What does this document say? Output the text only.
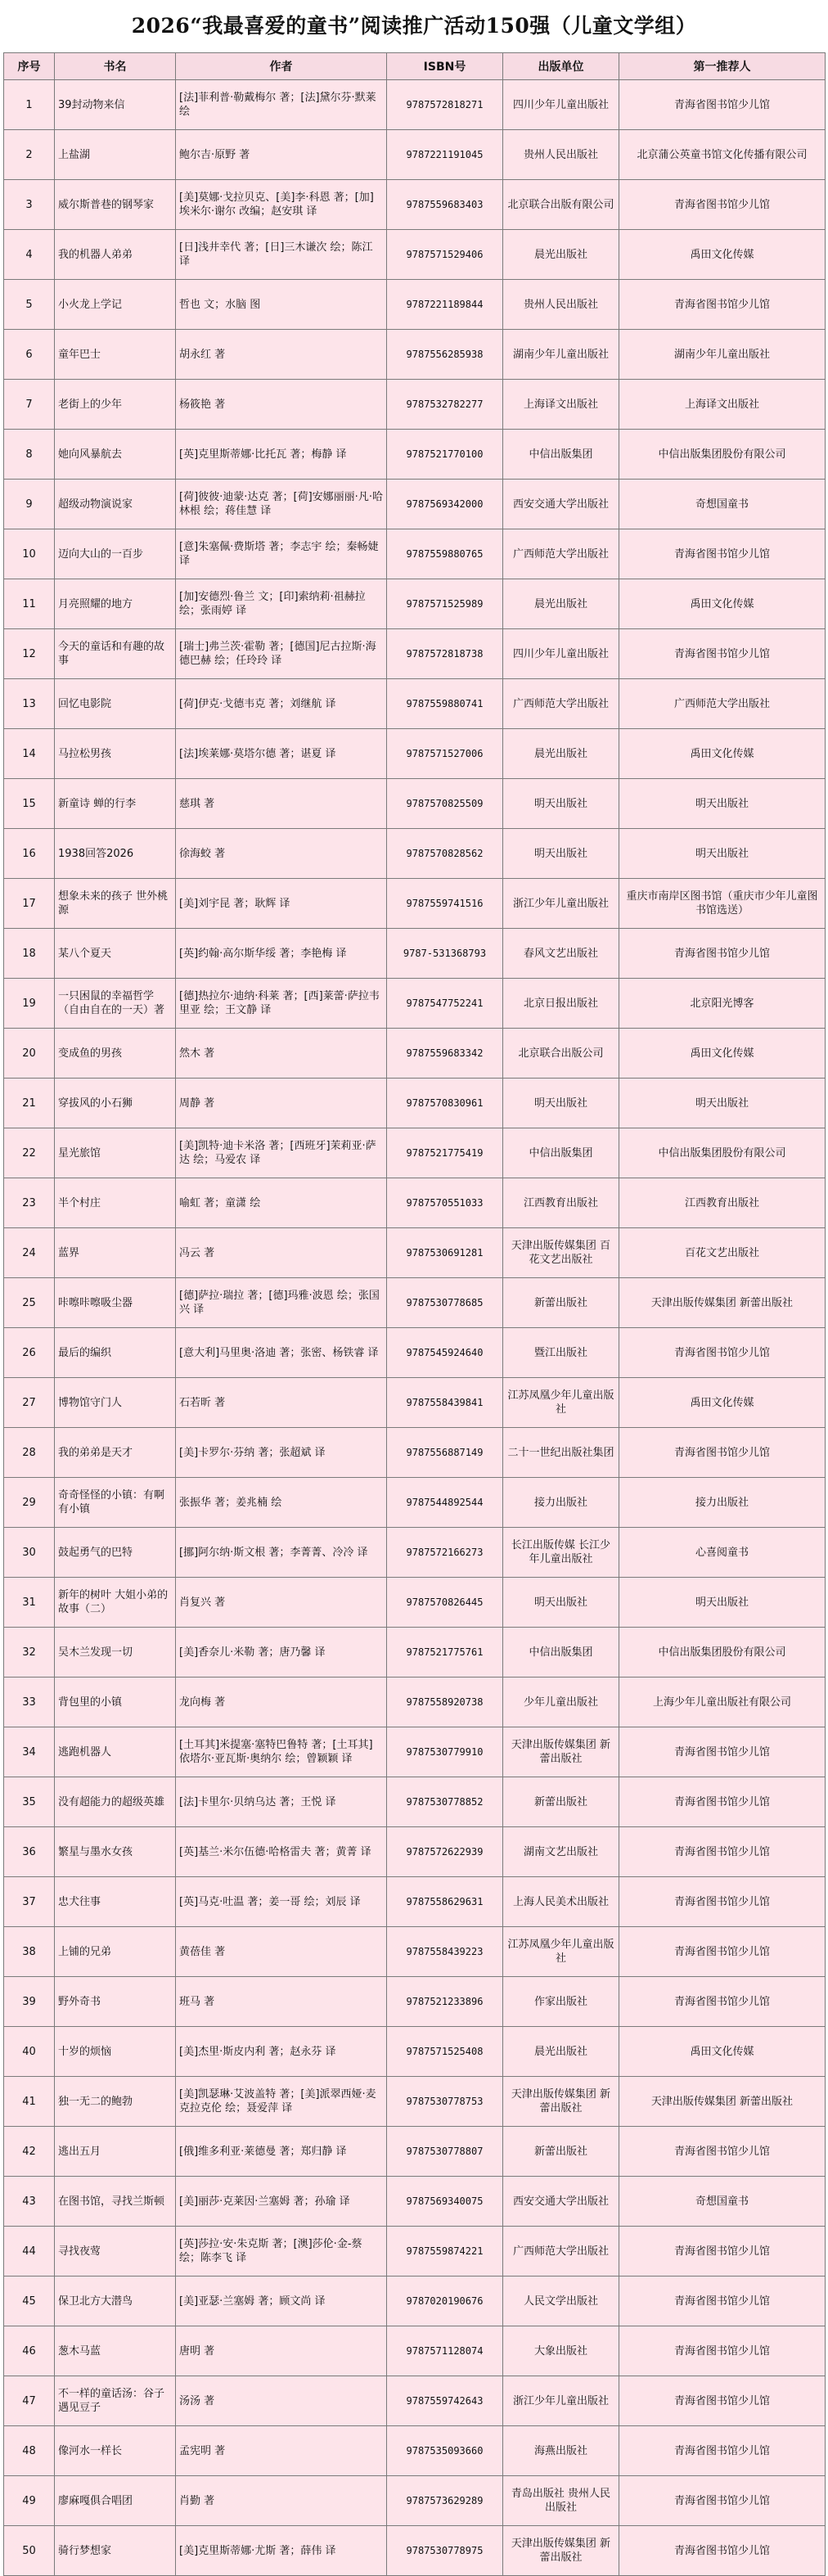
2026“我最喜爱的童书”阅读推广活动150强（儿童文学组）
序号	书名	作者	ISBN号	出版单位	第一推荐人
1	39封动物来信	[法]菲利普·勒戴梅尔 著；[法]黛尔芬·默莱 绘	9787572818271	四川少年儿童出版社	青海省图书馆少儿馆
2	上盐湖	鲍尔吉·原野 著	9787221191045	贵州人民出版社	北京蒲公英童书馆文化传播有限公司
3	威尔斯普巷的钢琴家	[美]莫娜·戈拉贝克、[美]李·科恩 著；[加]埃米尔·谢尔 改编；赵安琪 译	9787559683403	北京联合出版有限公司	青海省图书馆少儿馆
4	我的机器人弟弟	[日]浅井幸代 著；[日]三木谦次 绘；陈江 译	9787571529406	晨光出版社	禹田文化传媒
5	小火龙上学记	哲也 文；水脑 图	9787221189844	贵州人民出版社	青海省图书馆少儿馆
6	童年巴士	胡永红 著	9787556285938	湖南少年儿童出版社	湖南少年儿童出版社
7	老街上的少年	杨筱艳 著	9787532782277	上海译文出版社	上海译文出版社
8	她向风暴航去	[英]克里斯蒂娜·比托瓦 著；梅静 译	9787521770100	中信出版集团	中信出版集团股份有限公司
9	超级动物演说家	[荷]彼彼·迪蒙·达克 著；[荷]安娜丽丽·凡·哈林根 绘；蒋佳慧 译	9787569342000	西安交通大学出版社	奇想国童书
10	迈向大山的一百步	[意]朱塞佩·费斯塔 著；李志宇 绘；秦畅婕 译	9787559880765	广西师范大学出版社	青海省图书馆少儿馆
11	月亮照耀的地方	[加]安德烈·鲁兰 文；[印]索纳莉·祖赫拉 绘；张雨婷 译	9787571525989	晨光出版社	禹田文化传媒
12	今天的童话和有趣的故事	[瑞士]弗兰茨·霍勒 著；[德国]尼古拉斯·海德巴赫 绘；任玲玲 译	9787572818738	四川少年儿童出版社	青海省图书馆少儿馆
13	回忆电影院	[荷]伊克·戈德韦克 著；刘继航 译	9787559880741	广西师范大学出版社	广西师范大学出版社
14	马拉松男孩	[法]埃莱娜·莫塔尔德 著；谌夏 译	9787571527006	晨光出版社	禹田文化传媒
15	新童诗 蝉的行李	慈琪 著	9787570825509	明天出版社	明天出版社
16	1938回答2026	徐海蛟 著	9787570828562	明天出版社	明天出版社
17	想象未来的孩子 世外桃源	[美]刘宇昆 著；耿辉 译	9787559741516	浙江少年儿童出版社	重庆市南岸区图书馆（重庆市少年儿童图书馆选送）
18	某八个夏天	[英]约翰·高尔斯华绥 著；李艳梅 译	9787-531368793	春风文艺出版社	青海省图书馆少儿馆
19	一只困鼠的幸福哲学（自由自在的一天）著	[德]热拉尔·迪纳·科莱 著；[西]莱蕾·萨拉韦里亚 绘；王文静 译	9787547752241	北京日报出版社	北京阳光博客
20	变成鱼的男孩	然木 著	9787559683342	北京联合出版公司	禹田文化传媒
21	穿拔风的小石狮	周静 著	9787570830961	明天出版社	明天出版社
22	星光旅馆	[美]凯特·迪卡米洛 著；[西班牙]茉莉亚·萨达 绘；马爱农 译	9787521775419	中信出版集团	中信出版集团股份有限公司
23	半个村庄	喻虹 著；童潇 绘	9787570551033	江西教育出版社	江西教育出版社
24	蓝界	冯云 著	9787530691281	天津出版传媒集团 百花文艺出版社	百花文艺出版社
25	咔嚓咔嚓吸尘器	[德]萨拉·瑞拉 著；[德]玛雅·波恩 绘；张国兴 译	9787530778685	新蕾出版社	天津出版传媒集团 新蕾出版社
26	最后的编织	[意大利]马里奥·洛迪 著；张密、杨铁睿 译	9787545924640	暨江出版社	青海省图书馆少儿馆
27	博物馆守门人	石若昕 著	9787558439841	江苏凤凰少年儿童出版社	禹田文化传媒
28	我的弟弟是天才	[美]卡罗尔·芬纳 著；张超斌 译	9787556887149	二十一世纪出版社集团	青海省图书馆少儿馆
29	奇奇怪怪的小镇：有啊有小镇	张振华 著；姜兆楠 绘	9787544892544	接力出版社	接力出版社
30	鼓起勇气的巴特	[挪]阿尔纳·斯文根 著；李菁菁、冷冷 译	9787572166273	长江出版传媒 长江少年儿童出版社	心喜阅童书
31	新年的树叶 大姐小弟的故事（二）	肖复兴 著	9787570826445	明天出版社	明天出版社
32	吴木兰发现一切	[美]香奈儿·米勒 著；唐乃馨 译	9787521775761	中信出版集团	中信出版集团股份有限公司
33	背包里的小镇	龙向梅 著	9787558920738	少年儿童出版社	上海少年儿童出版社有限公司
34	逃跑机器人	[土耳其]米提塞·塞特巴鲁特 著；[土耳其]依塔尔·亚瓦斯·奥纳尔 绘；曾颖颖 译	9787530779910	天津出版传媒集团 新蕾出版社	青海省图书馆少儿馆
35	没有超能力的超级英雄	[法]卡里尔·贝纳乌达 著；王悦 译	9787530778852	新蕾出版社	青海省图书馆少儿馆
36	繁星与墨水女孩	[英]基兰·米尔伍德·哈格雷夫 著；黄菁 译	9787572622939	湖南文艺出版社	青海省图书馆少儿馆
37	忠犬往事	[英]马克·吐温 著；姜一哥 绘；刘辰 译	9787558629631	上海人民美术出版社	青海省图书馆少儿馆
38	上铺的兄弟	黄蓓佳 著	9787558439223	江苏凤凰少年儿童出版社	青海省图书馆少儿馆
39	野外奇书	班马 著	9787521233896	作家出版社	青海省图书馆少儿馆
40	十岁的烦恼	[美]杰里·斯皮内利 著；赵永芬 译	9787571525408	晨光出版社	禹田文化传媒
41	独一无二的鲍勃	[美]凯瑟琳·艾波盖特 著；[美]派翠西娅·麦克拉克伦 绘；聂爱萍 译	9787530778753	天津出版传媒集团 新蕾出版社	天津出版传媒集团 新蕾出版社
42	逃出五月	[俄]维多利亚·莱德曼 著；郑归静 译	9787530778807	新蕾出版社	青海省图书馆少儿馆
43	在图书馆，寻找兰斯顿	[美]丽莎·克莱因·兰塞姆 著；孙瑜 译	9787569340075	西安交通大学出版社	奇想国童书
44	寻找夜莺	[英]莎拉·安·朱克斯 著；[澳]莎伦·金-蔡 绘；陈李飞 译	9787559874221	广西师范大学出版社	青海省图书馆少儿馆
45	保卫北方大潜鸟	[美]亚瑟·兰塞姆 著；顾文尚 译	9787020190676	人民文学出版社	青海省图书馆少儿馆
46	葱木马蓝	唐明 著	9787571128074	大象出版社	青海省图书馆少儿馆
47	不一样的童话汤：谷子遇见豆子	汤汤 著	9787559742643	浙江少年儿童出版社	青海省图书馆少儿馆
48	像河水一样长	孟宪明 著	9787535093660	海燕出版社	青海省图书馆少儿馆
49	廖麻嘎俱合唱团	肖勤 著	9787573629289	青岛出版社 贵州人民出版社	青海省图书馆少儿馆
50	骑行梦想家	[美]克里斯蒂娜·尤斯 著；薛伟 译	9787530778975	天津出版传媒集团 新蕾出版社	青海省图书馆少儿馆
